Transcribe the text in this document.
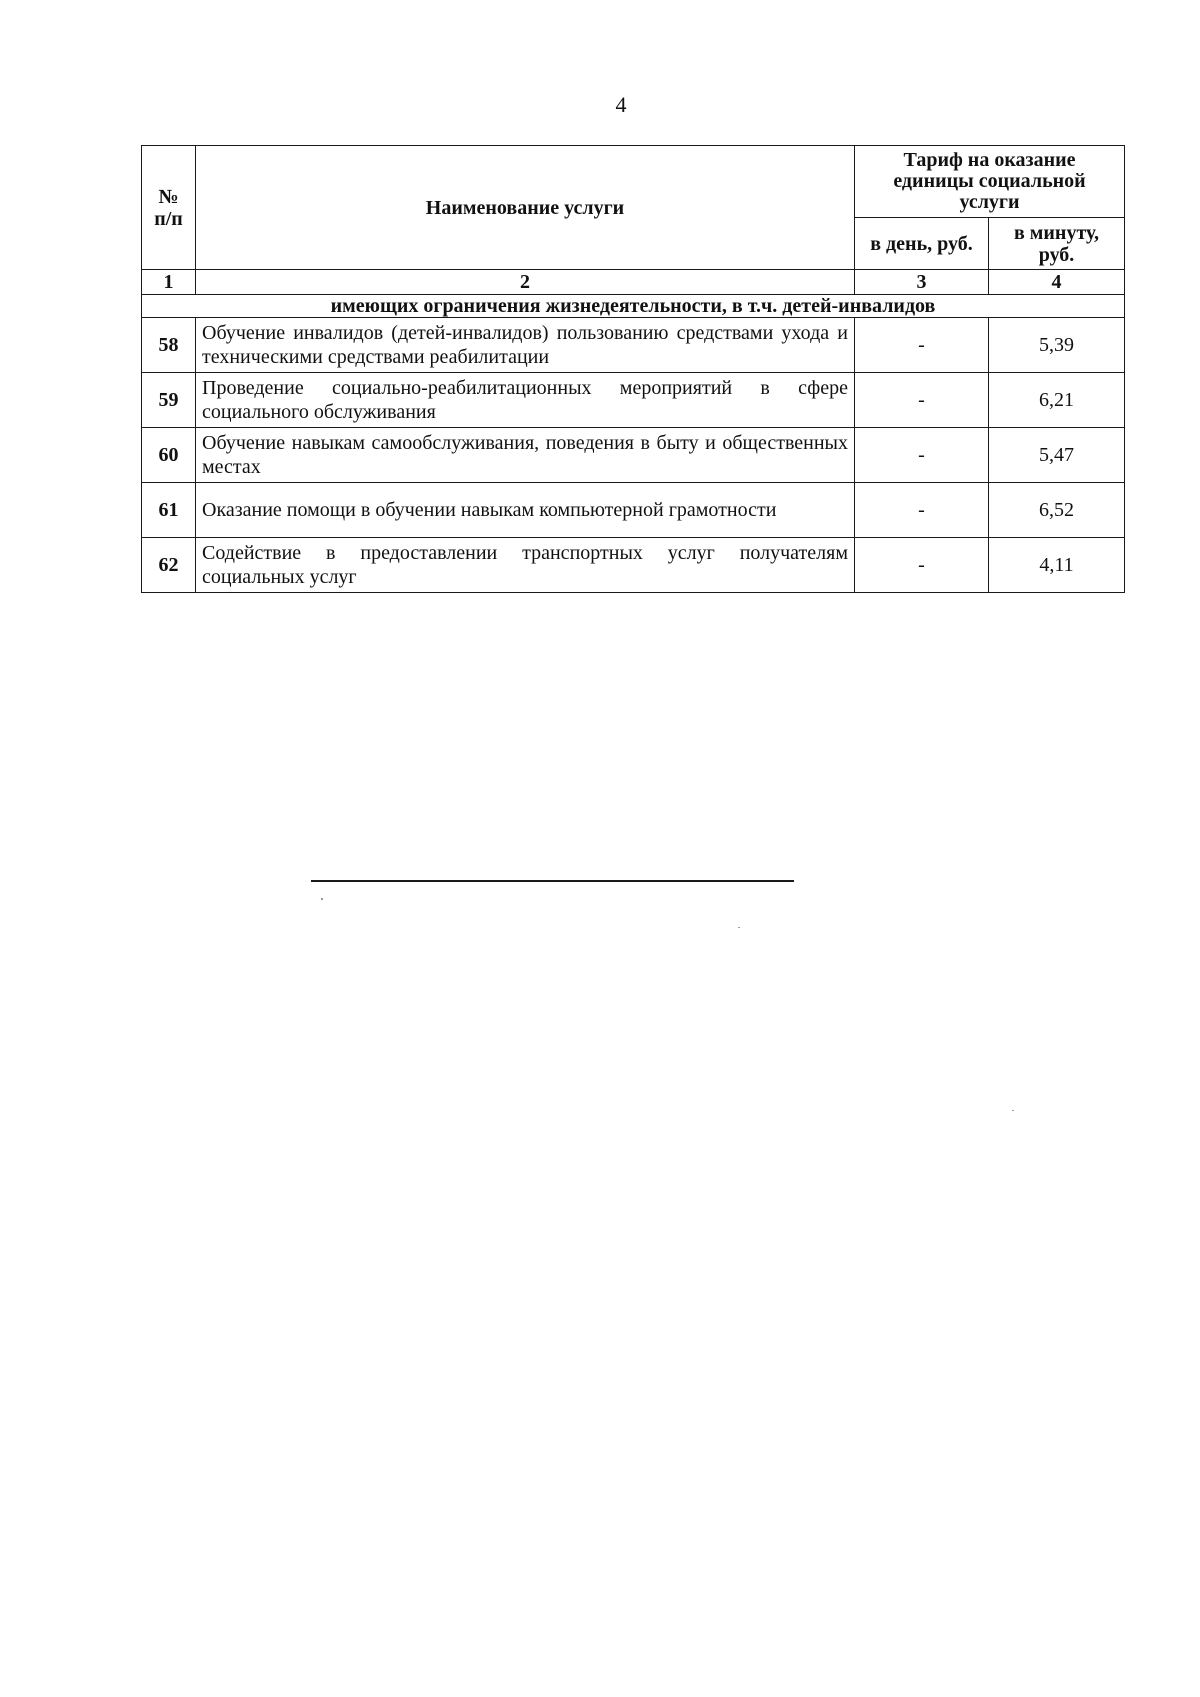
4
№ п/п	Наименование услуги	Тариф на оказание единицы социальной услуги	
		в день, руб.	в минуту, руб.
1	2	3	4
имеющих ограничения жизнедеятельности, в т.ч. детей-инвалидов			
58	Обучение инвалидов (детей-инвалидов) пользованию средствами ухода и техническими средствами реабилитации	-	5,39
59	Проведение социально-реабилитационных мероприятий в сфере социального обслуживания	-	6,21
60	Обучение навыкам самообслуживания, поведения в быту и общественных местах	-	5,47
61	Оказание помощи в обучении навыкам компьютерной грамотности	-	6,52
62	Содействие в предоставлении транспортных услуг получателям социальных услуг	-	4,11
